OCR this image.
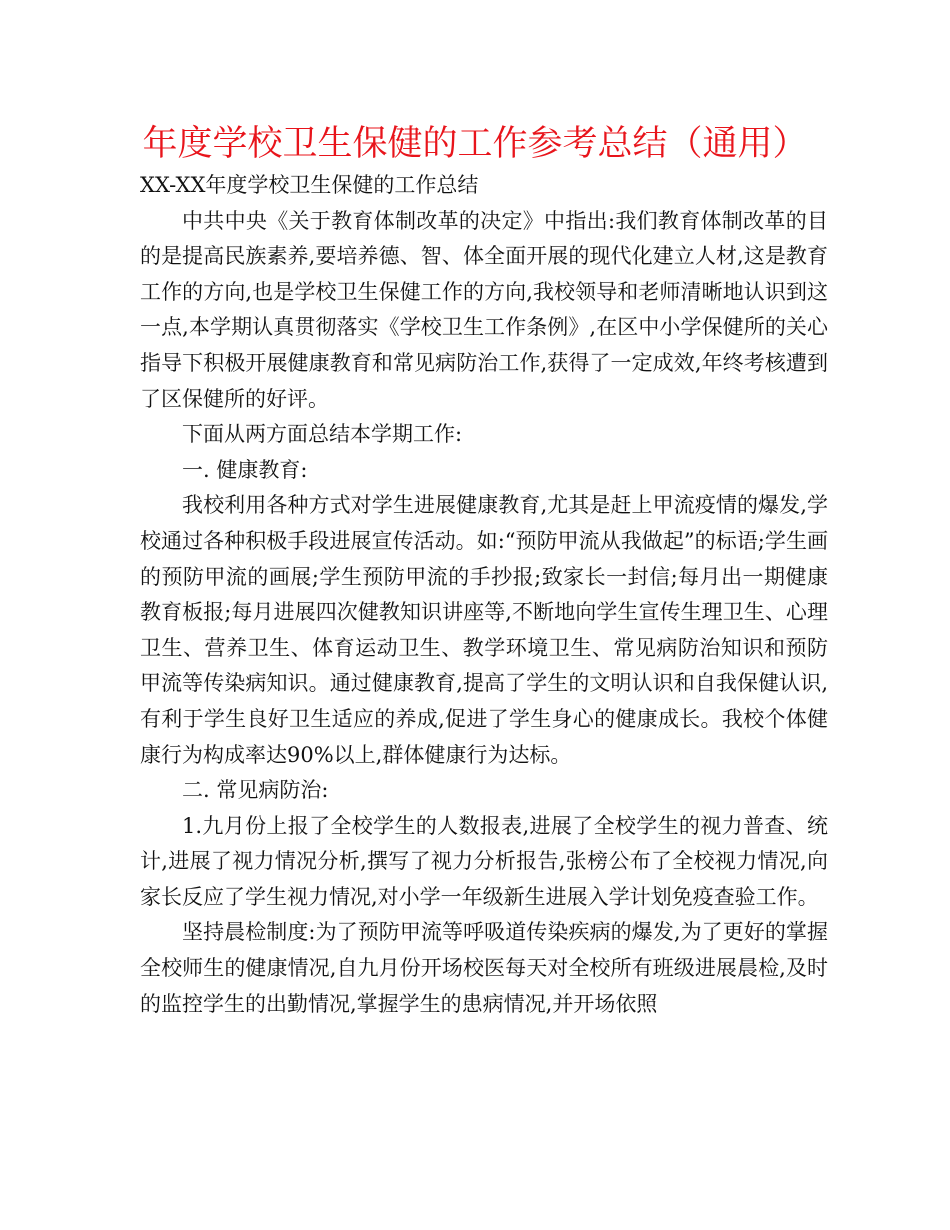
年度学校卫生保健的工作参考总结（通用）

XX-XX年度学校卫生保健的工作总结

中共中央《关于教育体制改革的决定》中指出:我们教育体制改革的目的是提高民族素养,要培养德、智、体全面开展的现代化建立人材,这是教育工作的方向,也是学校卫生保健工作的方向,我校领导和老师清晰地认识到这一点,本学期认真贯彻落实《学校卫生工作条例》,在区中小学保健所的关心指导下积极开展健康教育和常见病防治工作,获得了一定成效,年终考核遭到了区保健所的好评。

下面从两方面总结本学期工作:

一. 健康教育:

我校利用各种方式对学生进展健康教育,尤其是赶上甲流疫情的爆发,学校通过各种积极手段进展宣传活动。如:“预防甲流从我做起”的标语;学生画的预防甲流的画展;学生预防甲流的手抄报;致家长一封信;每月出一期健康教育板报;每月进展四次健教知识讲座等,不断地向学生宣传生理卫生、心理卫生、营养卫生、体育运动卫生、教学环境卫生、常见病防治知识和预防甲流等传染病知识。通过健康教育,提高了学生的文明认识和自我保健认识,有利于学生良好卫生适应的养成,促进了学生身心的健康成长。我校个体健康行为构成率达90%以上,群体健康行为达标。

二. 常见病防治:

1.九月份上报了全校学生的人数报表,进展了全校学生的视力普查、统计,进展了视力情况分析,撰写了视力分析报告,张榜公布了全校视力情况,向家长反应了学生视力情况,对小学一年级新生进展入学计划免疫查验工作。

坚持晨检制度:为了预防甲流等呼吸道传染疾病的爆发,为了更好的掌握全校师生的健康情况,自九月份开场校医每天对全校所有班级进展晨检,及时的监控学生的出勤情况,掌握学生的患病情况,并开场依照
